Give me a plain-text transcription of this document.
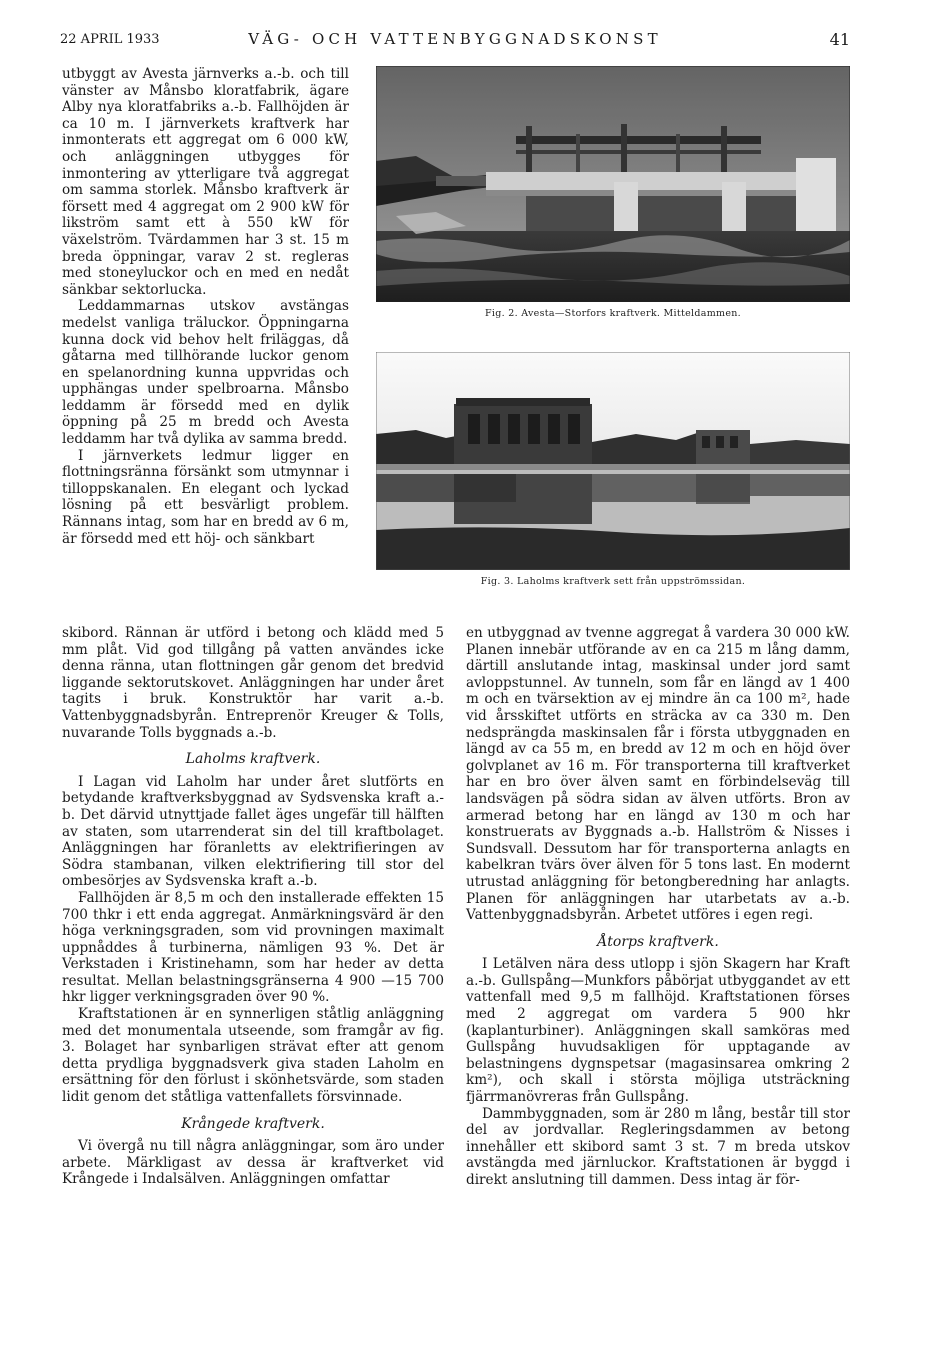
22 APRIL 1933	VÄG- OCH VATTENBYGGNADSKONST	41

utbyggt av Avesta järnverks a.-b. och till vänster av Månsbo kloratfabrik, ägare Alby nya kloratfabriks a.-b. Fallhöjden är ca 10 m. I järnverkets kraftverk har inmonterats ett aggregat om 6 000 kW, och anläggningen utbygges för inmontering av ytterligare två aggregat om samma storlek. Månsbo kraftverk är försett med 4 aggregat om 2 900 kW för likström samt ett à 550 kW för växelström. Tvärdammen har 3 st. 15 m breda öppningar, varav 2 st. regleras med stoneyluckor och en med en nedåt sänkbar sektorlucka.

Leddammarnas utskov avstängas medelst vanliga träluckor. Öppningarna kunna dock vid behov helt friläggas, då gåtarna med tillhörande luckor genom en spelanordning kunna uppvridas och upphängas under spelbroarna. Månsbo leddamm är försedd med en dylik öppning på 25 m bredd och Avesta leddamm har två dylika av samma bredd.

I järnverkets ledmur ligger en flottningsränna försänkt som utmynnar i tilloppskanalen. En elegant och lyckad lösning på ett besvärligt problem. Rännans intag, som har en bredd av 6 m, är försedd med ett höj- och sänkbart

Fig. 2. Avesta—Storfors kraftverk. Mitteldammen.
Fig. 3. Laholms kraftverk sett från uppströmssidan.

skibord. Rännan är utförd i betong och klädd med 5 mm plåt. Vid god tillgång på vatten användes icke denna ränna, utan flottningen går genom det bredvid liggande sektorutskovet. Anläggningen har under året tagits i bruk. Konstruktör har varit a.-b. Vattenbyggnadsbyrån. Entreprenör Kreuger & Tolls, nuvarande Tolls byggnads a.-b.

Laholms kraftverk.

I Lagan vid Laholm har under året slutförts en betydande kraftverksbyggnad av Sydsvenska kraft a.-b. Det därvid utnyttjade fallet äges ungefär till hälften av staten, som utarrenderat sin del till kraftbolaget. Anläggningen har föranletts av elektrifieringen av Södra stambanan, vilken elektrifiering till stor del ombesörjes av Sydsvenska kraft a.-b.

Fallhöjden är 8,5 m och den installerade effekten 15 700 thkr i ett enda aggregat. Anmärkningsvärd är den höga verkningsgraden, som vid provningen maximalt uppnåddes å turbinerna, nämligen 93 %. Det är Verkstaden i Kristinehamn, som har heder av detta resultat. Mellan belastningsgränserna 4 900 —15 700 hkr ligger verkningsgraden över 90 %.

Kraftstationen är en synnerligen ståtlig anläggning med det monumentala utseende, som framgår av fig. 3. Bolaget har synbarligen strävat efter att genom detta prydliga byggnadsverk giva staden Laholm en ersättning för den förlust i skönhetsvärde, som staden lidit genom det ståtliga vattenfallets försvinnade.

Krångede kraftverk.

Vi övergå nu till några anläggningar, som äro under arbete. Märkligast av dessa är kraftverket vid Krångede i Indalsälven. Anläggningen omfattar

en utbyggnad av tvenne aggregat å vardera 30 000 kW. Planen innebär utförande av en ca 215 m lång damm, därtill anslutande intag, maskinsal under jord samt avloppstunnel. Av tunneln, som får en längd av 1 400 m och en tvärsektion av ej mindre än ca 100 m², hade vid årsskiftet utförts en sträcka av ca 330 m. Den nedsprängda maskinsalen får i första utbyggnaden en längd av ca 55 m, en bredd av 12 m och en höjd över golvplanet av 16 m. För transporterna till kraftverket har en bro över älven samt en förbindelseväg till landsvägen på södra sidan av älven utförts. Bron av armerad betong har en längd av 130 m och har konstruerats av Byggnads a.-b. Hallström & Nisses i Sundsvall. Dessutom har för transporterna anlagts en kabelkran tvärs över älven för 5 tons last. En modernt utrustad anläggning för betongberedning har anlagts. Planen för anläggningen har utarbetats av a.-b. Vattenbyggnadsbyrån. Arbetet utföres i egen regi.

Åtorps kraftverk.

I Letälven nära dess utlopp i sjön Skagern har Kraft a.-b. Gullspång—Munkfors påbörjat utbyggandet av ett vattenfall med 9,5 m fallhöjd. Kraftstationen förses med 2 aggregat om vardera 5 900 hkr (kaplanturbiner). Anläggningen skall samköras med Gullspång huvudsakligen för upptagande av belastningens dygnspetsar (magasinsarea omkring 2 km²), och skall i största möjliga utsträckning fjärrmanövreras från Gullspång.

Dammbyggnaden, som är 280 m lång, består till stor del av jordvallar. Regleringsdammen av betong innehåller ett skibord samt 3 st. 7 m breda utskov avstängda med järnluckor. Kraftstationen är byggd i direkt anslutning till dammen. Dess intag är för-
